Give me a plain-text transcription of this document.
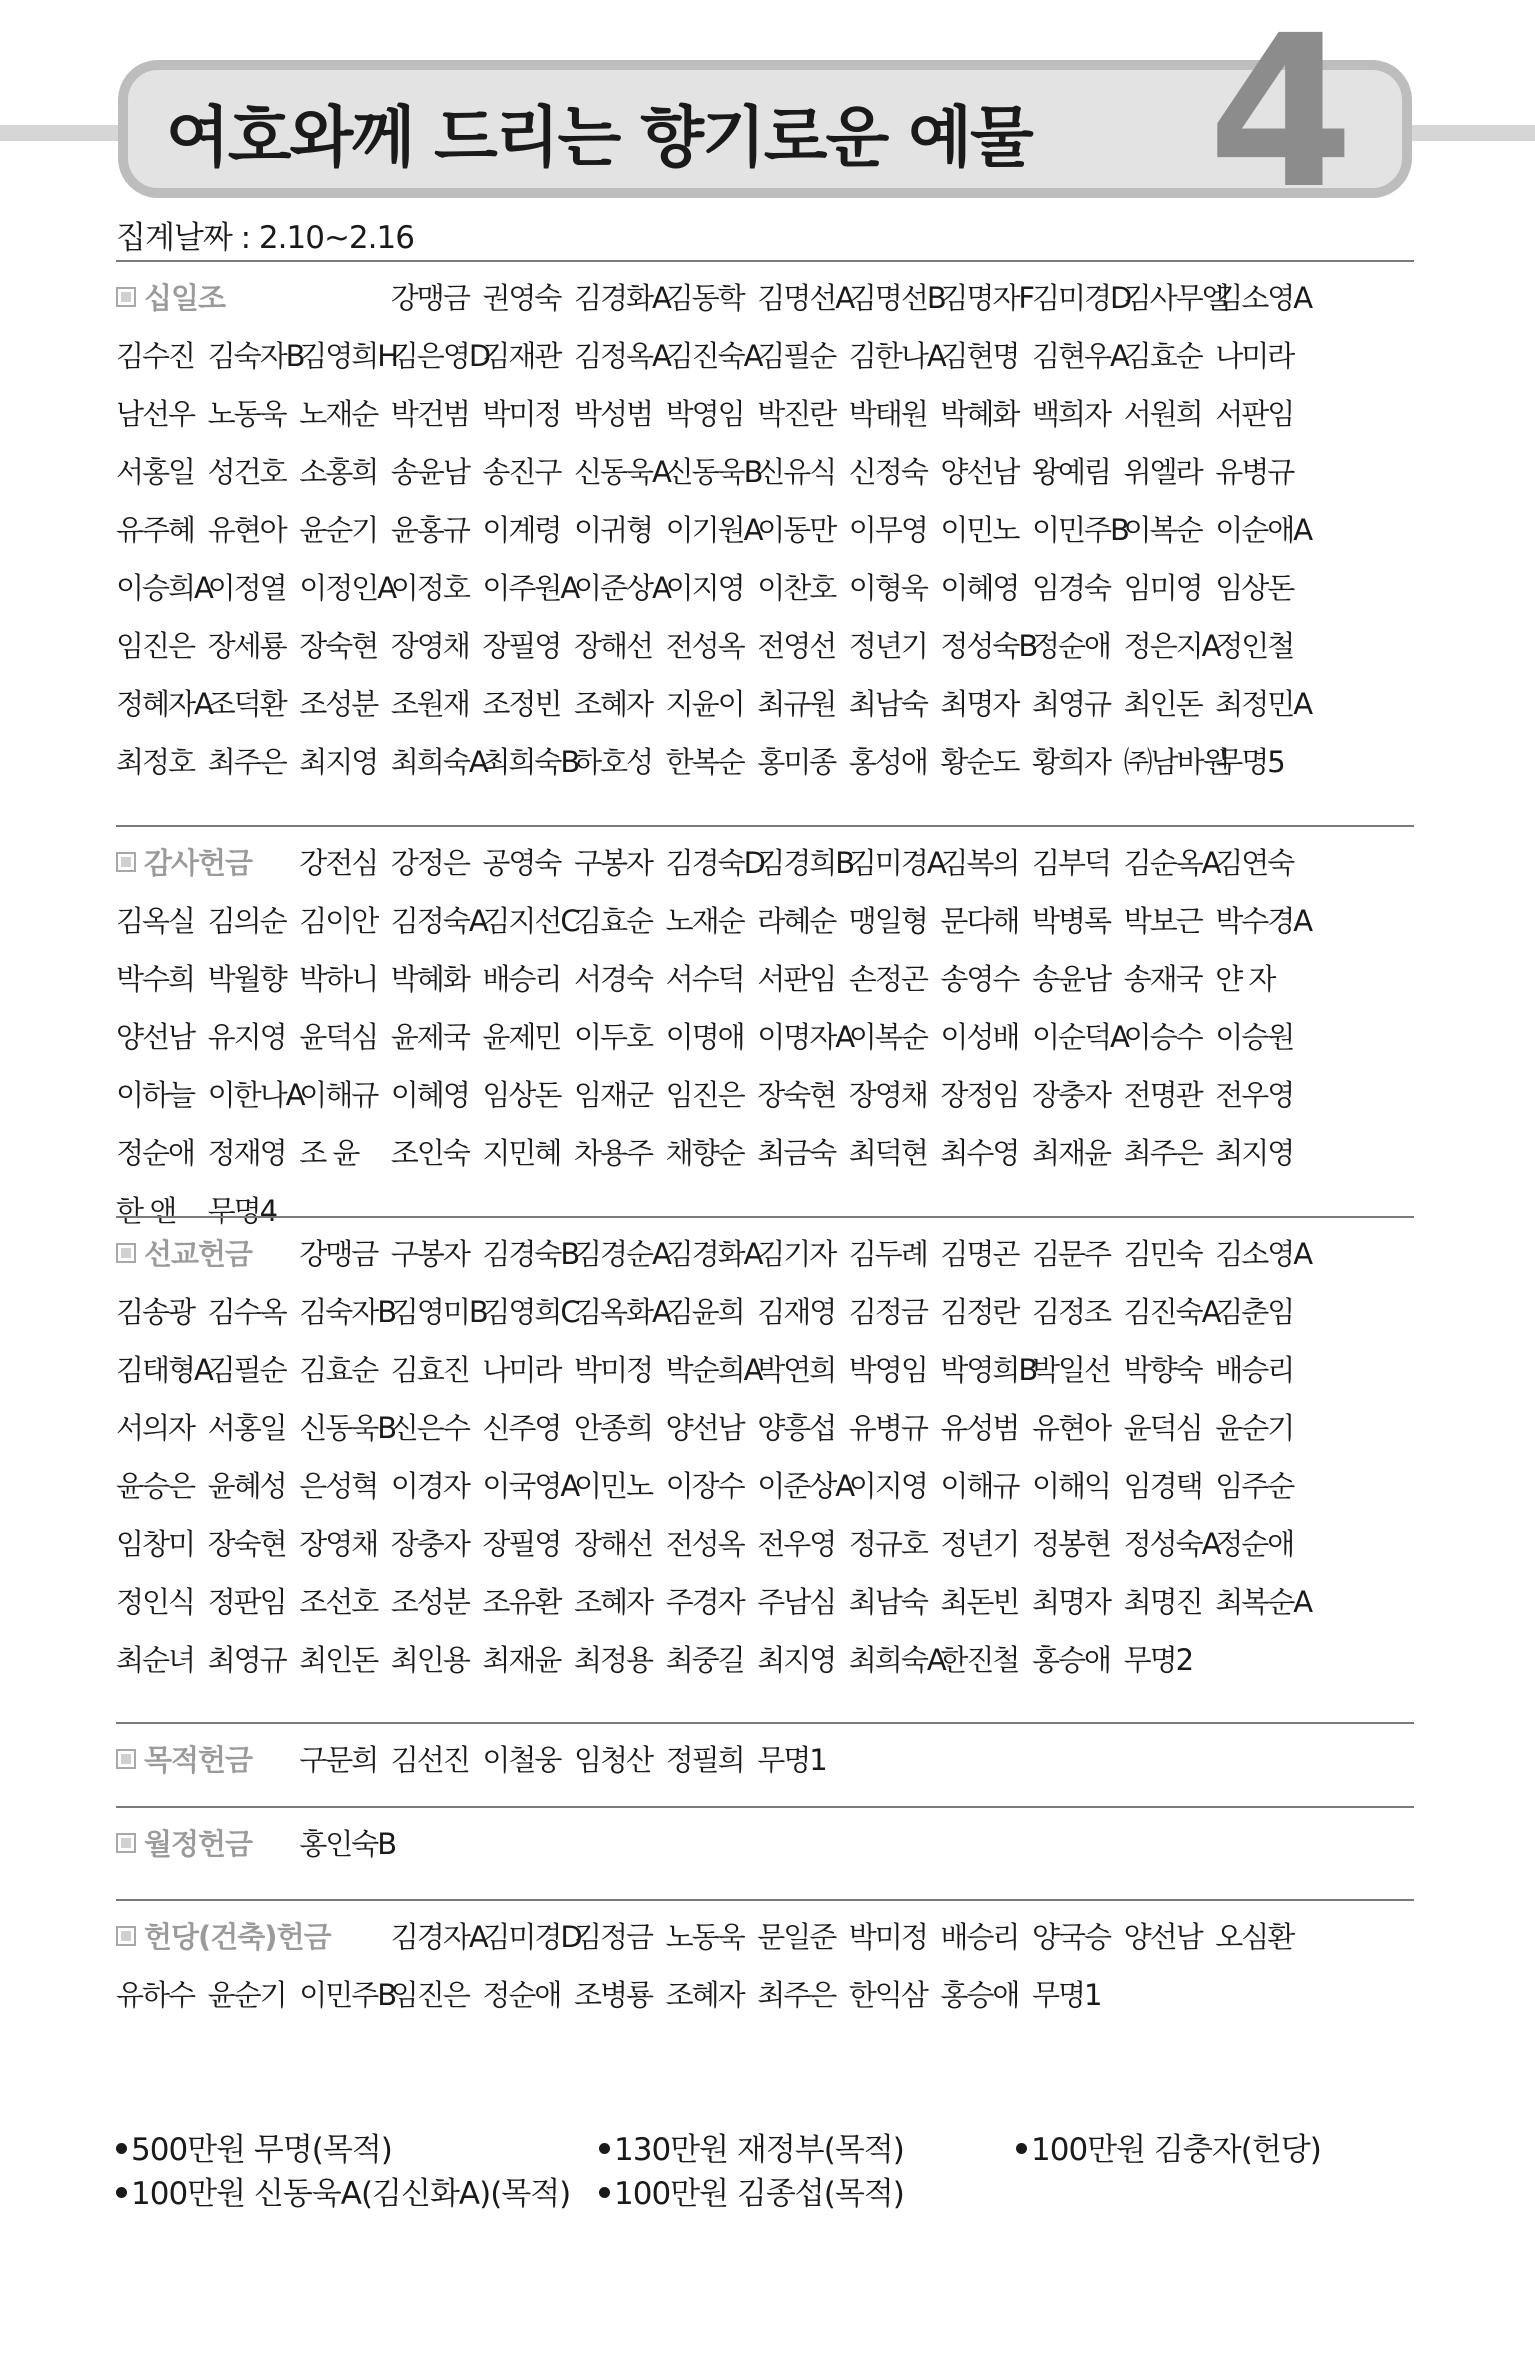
여호와께 드리는 향기로운 예물 4
집계날짜 : 2.10~2.16
십일조	강맹금 권영숙 김경화A
김동학 김명선A
김명선B
김명자F
김미경D
김사무엘
김소영A
김수진 김숙자B
김영희H
김은영D
김재관 김정옥A
김진숙A
김필순 김한나A
김현명 김현우A
김효순 나미라
남선우 노동욱 노재순 박건범 박미정 박성범 박영임 박진란 박태원 박혜화 백희자 서원희 서판임
서홍일 성건호 소홍희 송윤남 송진구 신동욱A
신동욱B
신유식 신정숙 양선남 왕예림 위엘라 유병규
유주혜 유현아 윤순기 윤홍규 이계령 이귀형 이기원A
이동만 이무영 이민노 이민주B
이복순 이순애A
이승희A
이정열 이정인A
이정호 이주원A
이준상A
이지영 이찬호 이형욱 이혜영 임경숙 임미영 임상돈
임진은 장세룡 장숙현 장영채 장필영 장해선 전성옥 전영선 정년기 정성숙B
정순애 정은지A
정인철
정혜자A
조덕환 조성분 조원재 조정빈 조혜자 지윤이 최규원 최남숙 최명자 최영규 최인돈 최정민A
최정호 최주은 최지영 최희숙A
최희숙B
하호성 한복순 홍미종 홍성애 황순도 황희자 ㈜남바원
무명5
감사헌금 강전심 강정은 공영숙 구봉자 김경숙D
김경희B
김미경A
김복의 김부덕 김순옥A
김연숙
김옥실 김의순 김이안 김정숙A
김지선C
김효순 노재순 라혜순 맹일형 문다해 박병록 박보근 박수경A
박수희 박월향 박하니 박혜화 배승리 서경숙 서수덕 서판임 손정곤 송영수 송윤남 송재국 얀 자
양선남 유지영 윤덕심 윤제국 윤제민 이두호 이명애 이명자A
이복순 이성배 이순덕A
이승수 이승원
이하늘 이한나A
이해규 이혜영 임상돈 임재군 임진은 장숙현 장영채 장정임 장충자 전명관 전우영
정순애 정재영 조 윤	조인숙 지민혜 차용주 채향순 최금숙 최덕현 최수영 최재윤 최주은 최지영
한 앤	무명4
선교헌금 강맹금 구봉자 김경숙B
김경순A
김경화A
김기자 김두례 김명곤 김문주 김민숙 김소영A
김송광 김수옥 김숙자B
김영미B
김영희C
김옥화A
김윤희 김재영 김정금 김정란 김정조 김진숙A
김춘임
김태형A
김필순 김효순 김효진 나미라 박미정 박순희A
박연희 박영임 박영희B
박일선 박향숙 배승리
서의자 서홍일 신동욱B
신은수 신주영 안종희 양선남 양흥섭 유병규 유성범 유현아 윤덕심 윤순기
윤승은 윤혜성 은성혁 이경자 이국영A
이민노 이장수 이준상A
이지영 이해규 이해익 임경택 임주순
임창미 장숙현 장영채 장충자 장필영 장해선 전성옥 전우영 정규호 정년기 정봉현 정성숙A
정순애
정인식 정판임 조선호 조성분 조유환 조혜자 주경자 주남심 최남숙 최돈빈 최명자 최명진 최복순A
최순녀 최영규 최인돈 최인용 최재윤 최정용 최중길 최지영 최희숙A
한진철 홍승애 무명2
목적헌금 구문희 김선진 이철웅 임청산 정필희 무명1
월정헌금 홍인숙B
헌당(건축)헌금 김경자A
김미경D
김정금 노동욱 문일준 박미정 배승리 양국승 양선남 오심환
유하수 윤순기 이민주B
임진은 정순애 조병룡 조혜자 최주은 한익삼 홍승애 무명1
500만원 무명(목적)	130만원 재정부(목적)	100만원 김충자(헌당)
100만원 신동욱A(김신화A)(목적)	100만원 김종섭(목적)
